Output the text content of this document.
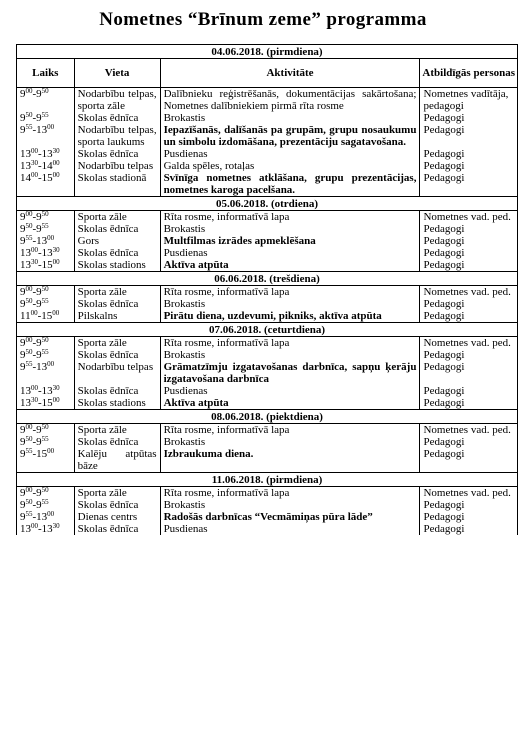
Nometnes “Brīnum zeme” programma
04.06.2018. (pirmdiena)			
Laiks	Vieta	Aktivitāte	Atbildīgās personas
$9^{00}-9^{50}$	Nodarbību telpas, sporta zāle	Dalībnieku reģistrēšanās, dokumentācijas sakārtošana; Nometnes dalībniekiem pirmā rīta rosme	Nometnes vadītāja, pedagogi
$9^{50}-9^{55}$	Skolas ēdnīca	Brokastis	Pedagogi
$9^{55}-13^{00}$	Nodarbību telpas, sporta laukums	Iepazīšanās, dalīšanās pa grupām, grupu nosaukumu un simbolu izdomāšana, prezentāciju sagatavošana.	Pedagogi
$13^{00}-13^{30}$	Skolas ēdnīca	Pusdienas	Pedagogi
$13^{30}-14^{00}$	Nodarbību telpas	Galda spēles, rotaļas	Pedagogi
$14^{00}-15^{00}$	Skolas stadionā	Svīnīga nometnes atklāšana, grupu prezentācijas, nometnes karoga pacelšana.	Pedagogi
05.06.2018. (otrdiena)			
$9^{00}-9^{50}$	Sporta zāle	Rīta rosme, informatīvā lapa	Nometnes vad. ped.
$9^{50}-9^{55}$	Skolas ēdnīca	Brokastis	Pedagogi
$9^{55}-13^{00}$	Gors	Multfilmas izrādes apmeklēšana	Pedagogi
$13^{00}-13^{30}$	Skolas ēdnīca	Pusdienas	Pedagogi
$13^{30}-15^{00}$	Skolas stadions	Aktīva atpūta	Pedagogi
06.06.2018. (trešdiena)			
$9^{00}-9^{50}$	Sporta zāle	Rīta rosme, informatīvā lapa	Nometnes vad. ped.
$9^{50}-9^{55}$	Skolas ēdnīca	Brokastis	Pedagogi
$11^{00}-15^{00}$	Pilskalns	Pirātu diena, uzdevumi, pikniks, aktīva atpūta	Pedagogi
07.06.2018. (ceturtdiena)			
$9^{00}-9^{50}$	Sporta zāle	Rīta rosme, informatīvā lapa	Nometnes vad. ped.
$9^{50}-9^{55}$	Skolas ēdnīca	Brokastis	Pedagogi
$9^{55}-13^{00}$	Nodarbību telpas	Grāmatzīmju izgatavošanas darbnīca, sapņu ķerāju izgatavošana darbnīca	Pedagogi
$13^{00}-13^{30}$	Skolas ēdnīca	Pusdienas	Pedagogi
$13^{30}-15^{00}$	Skolas stadions	Aktīva atpūta	Pedagogi
08.06.2018. (piektdiena)			
$9^{00}-9^{50}$	Sporta zāle	Rīta rosme, informatīvā lapa	Nometnes vad. ped.
$9^{50}-9^{55}$	Skolas ēdnīca	Brokastis	Pedagogi
$9^{55}-15^{00}$	Kalēju atpūtas bāze	Izbraukuma diena.	Pedagogi
11.06.2018. (pirmdiena)			
$9^{00}-9^{50}$	Sporta zāle	Rīta rosme, informatīvā lapa	Nometnes vad. ped.
$9^{50}-9^{55}$	Skolas ēdnīca	Brokastis	Pedagogi
$9^{55}-13^{00}$	Dienas centrs	Radošās darbnīcas “Vecmāmiņas pūra lāde”	Pedagogi
$13^{00}-13^{30}$	Skolas ēdnīca	Pusdienas	Pedagogi
